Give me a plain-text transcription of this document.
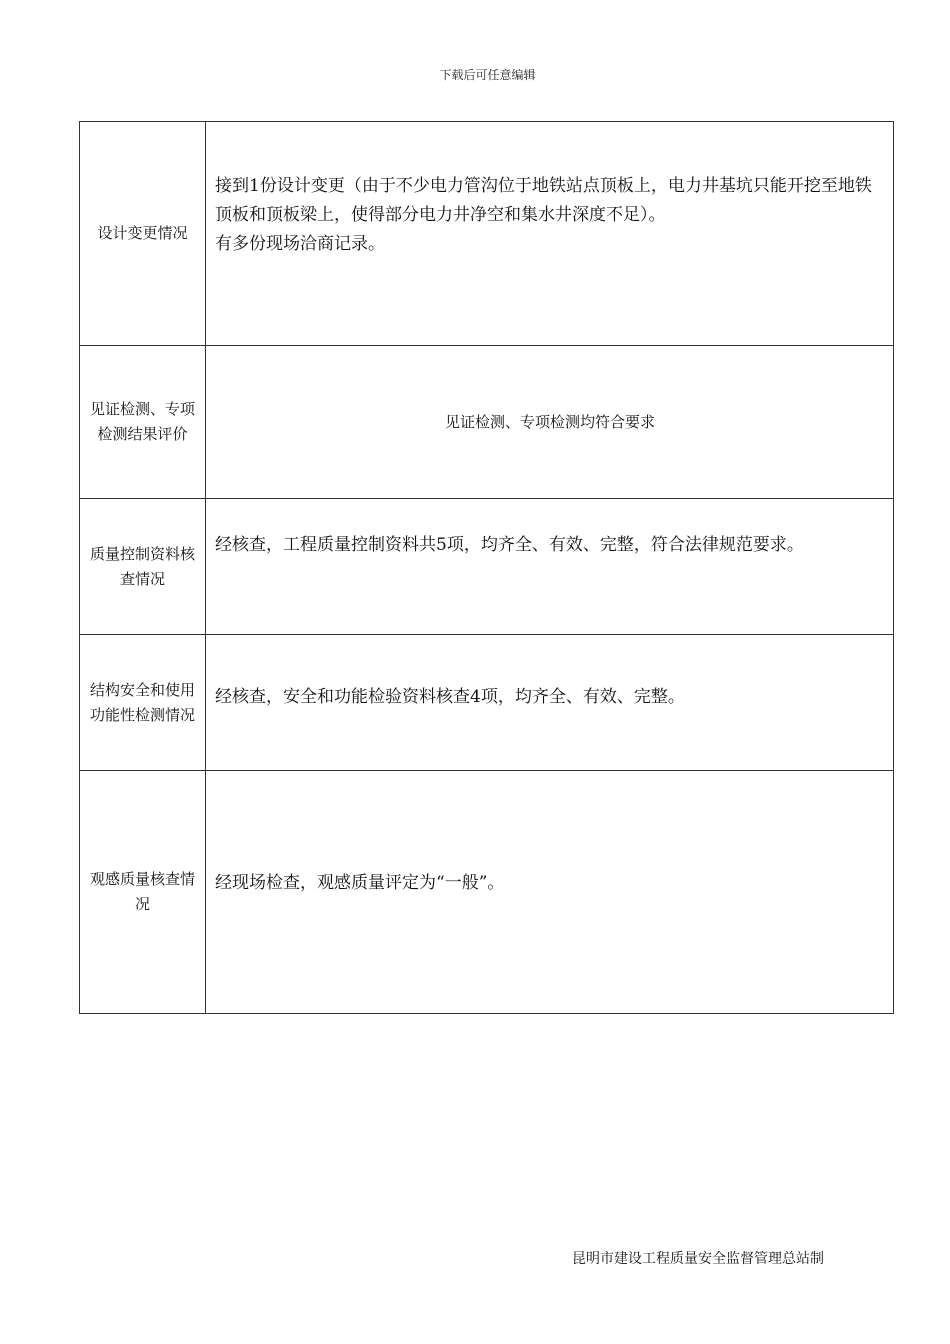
下载后可任意编辑
设计变更情况	接到1份设计变更（由于不少电力管沟位于地铁站点顶板上，电力井基坑只能开挖至地铁顶板和顶板梁上，使得部分电力井净空和集水井深度不足）。

有多份现场洽商记录。

见证检测、专项检测结果评价	见证检测、专项检测均符合要求

质量控制资料核查情况	经核查，工程质量控制资料共5项，均齐全、有效、完整，符合法律规范要求。

结构安全和使用功能性检测情况	经核查，安全和功能检验资料核查4项，均齐全、有效、完整。

观感质量核查情况	经现场检查，观感质量评定为“一般”。
昆明市建设工程质量安全监督管理总站制
